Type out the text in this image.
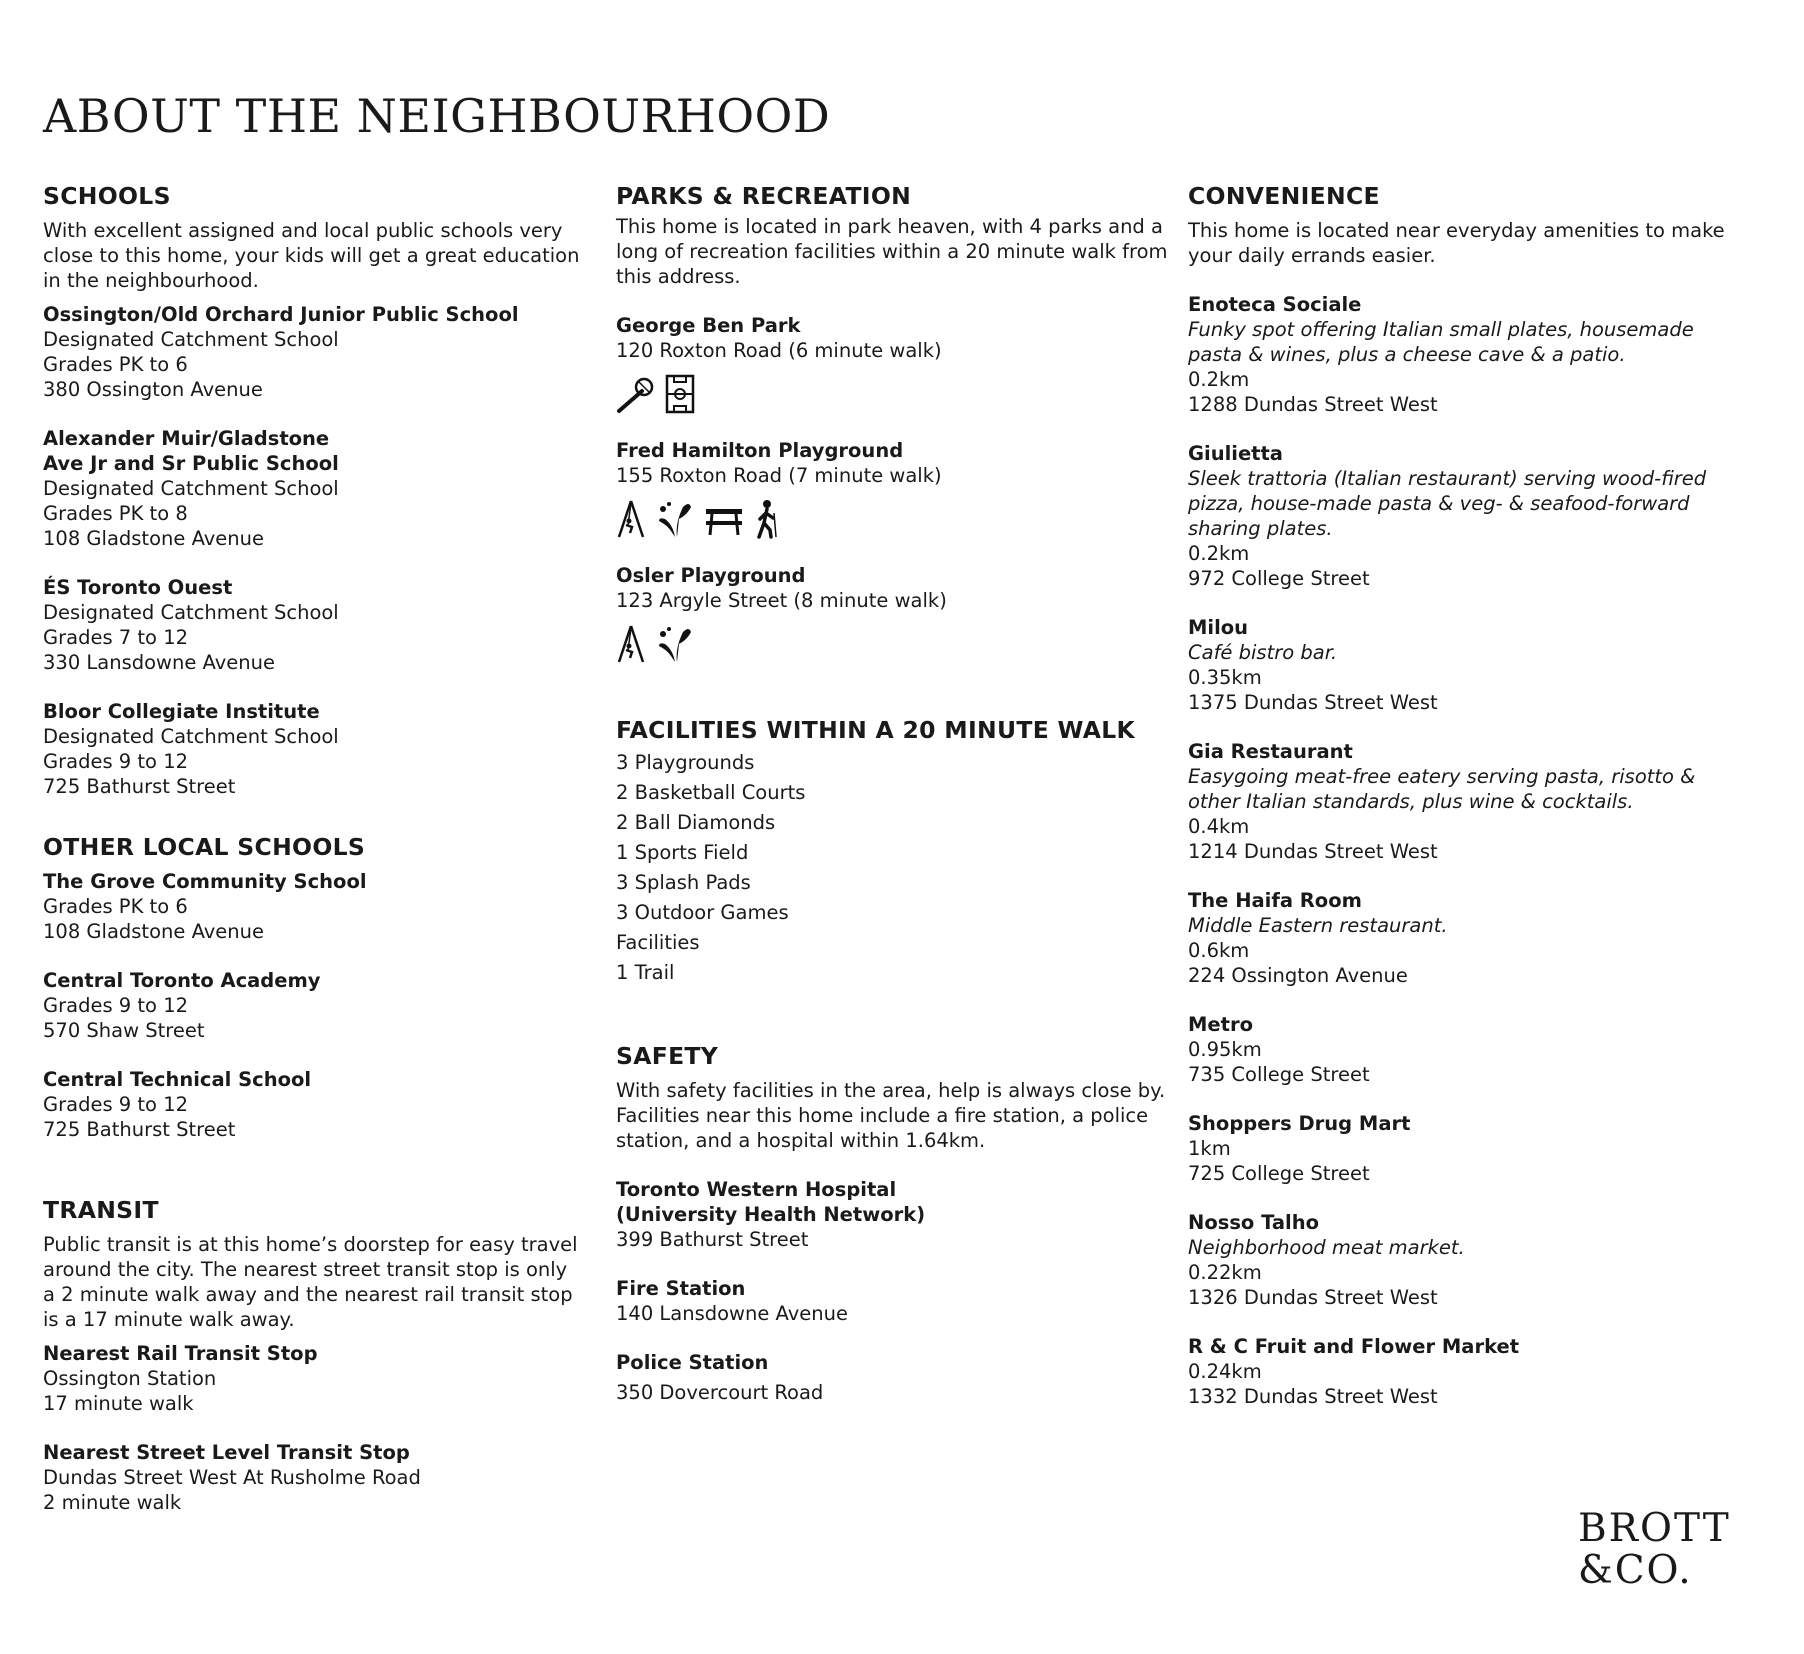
ABOUT THE NEIGHBOURHOOD
SCHOOLS

With excellent assigned and local public schools very close to this home, your kids will get a great education in the neighbourhood.

Ossington/Old Orchard Junior Public School
Designated Catchment School
Grades PK to 6
380 Ossington Avenue
Alexander Muir/Gladstone
Ave Jr and Sr Public School
Designated Catchment School
Grades PK to 8
108 Gladstone Avenue
ÉS Toronto Ouest
Designated Catchment School
Grades 7 to 12
330 Lansdowne Avenue
Bloor Collegiate Institute
Designated Catchment School
Grades 9 to 12
725 Bathurst Street
OTHER LOCAL SCHOOLS
The Grove Community School
Grades PK to 6
108 Gladstone Avenue
Central Toronto Academy
Grades 9 to 12
570 Shaw Street
Central Technical School
Grades 9 to 12
725 Bathurst Street
TRANSIT

Public transit is at this home’s doorstep for easy travel around the city. The nearest street transit stop is only a 2 minute walk away and the nearest rail transit stop is a 17 minute walk away.

Nearest Rail Transit Stop
Ossington Station
17 minute walk
Nearest Street Level Transit Stop
Dundas Street West At Rusholme Road
2 minute walk
PARKS & RECREATION

This home is located in park heaven, with 4 parks and a long of recreation facilities within a 20 minute walk from this address.

George Ben Park
120 Roxton Road (6 minute walk)
Fred Hamilton Playground
155 Roxton Road (7 minute walk)
Osler Playground
123 Argyle Street (8 minute walk)
FACILITIES WITHIN A 20 MINUTE WALK
3 Playgrounds
2 Basketball Courts
2 Ball Diamonds
1 Sports Field
3 Splash Pads
3 Outdoor Games
Facilities
1 Trail
SAFETY

With safety facilities in the area, help is always close by. Facilities near this home include a fire station, a police station, and a hospital within 1.64km.

Toronto Western Hospital
(University Health Network)
399 Bathurst Street
Fire Station
140 Lansdowne Avenue
Police Station
350 Dovercourt Road
CONVENIENCE

This home is located near everyday amenities to make your daily errands easier.

Enoteca Sociale
Funky spot offering Italian small plates, housemade pasta & wines, plus a cheese cave & a patio.
0.2km
1288 Dundas Street West
Giulietta
Sleek trattoria (Italian restaurant) serving wood-fired pizza, house-made pasta & veg- & seafood-forward sharing plates.
0.2km
972 College Street
Milou
Café bistro bar.
0.35km
1375 Dundas Street West
Gia Restaurant
Easygoing meat-free eatery serving pasta, risotto & other Italian standards, plus wine & cocktails.
0.4km
1214 Dundas Street West
The Haifa Room
Middle Eastern restaurant.
0.6km
224 Ossington Avenue
Metro
0.95km
735 College Street
Shoppers Drug Mart
1km
725 College Street
Nosso Talho
Neighborhood meat market.
0.22km
1326 Dundas Street West
R & C Fruit and Flower Market
0.24km
1332 Dundas Street West
BROTT
&CO.
